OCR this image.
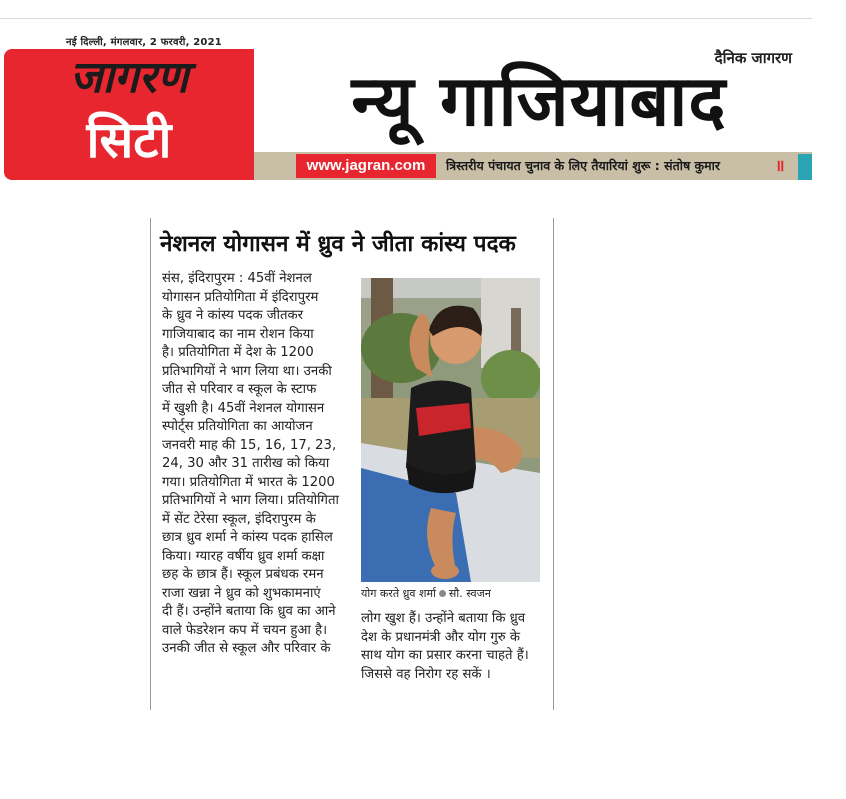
नई दिल्ली, मंगलवार, 2 फरवरी, 2021
जागरण
सिटी
दैनिक जागरण
न्यू गाजियाबाद
www.jagran.com	त्रिस्तरीय पंचायत चुनाव के लिए तैयारियां शुरू : संतोष कुमार	॥
नेशनल योगासन में ध्रुव ने जीता कांस्य पदक
संस, इंदिरापुरम : 45वीं नेशनल
योगासन प्रतियोगिता में इंदिरापुरम
के ध्रुव ने कांस्य पदक जीतकर
गाजियाबाद का नाम रोशन किया
है। प्रतियोगिता में देश के 1200
प्रतिभागियों ने भाग लिया था। उनकी
जीत से परिवार व स्कूल के स्टाफ
में खुशी है। 45वीं नेशनल योगासन
स्पोर्ट्स प्रतियोगिता का आयोजन
जनवरी माह की 15, 16, 17, 23,
24, 30 और 31 तारीख को किया
गया। प्रतियोगिता में भारत के 1200
प्रतिभागियों ने भाग लिया। प्रतियोगिता
में सेंट टेरेसा स्कूल, इंदिरापुरम के
छात्र ध्रुव शर्मा ने कांस्य पदक हासिल
किया। ग्यारह वर्षीय ध्रुव शर्मा कक्षा
छह के छात्र हैं। स्कूल प्रबंधक रमन
राजा खन्ना ने ध्रुव को शुभकामनाएं
दी हैं। उन्होंने बताया कि ध्रुव का आने
वाले फेडरेशन कप में चयन हुआ है।
उनकी जीत से स्कूल और परिवार के
योग करते ध्रुव शर्मा सौ. स्वजन
लोग खुश हैं। उन्होंने बताया कि ध्रुव
देश के प्रधानमंत्री और योग गुरु के
साथ योग का प्रसार करना चाहते हैं।
जिससे वह निरोग रह सकें ।
